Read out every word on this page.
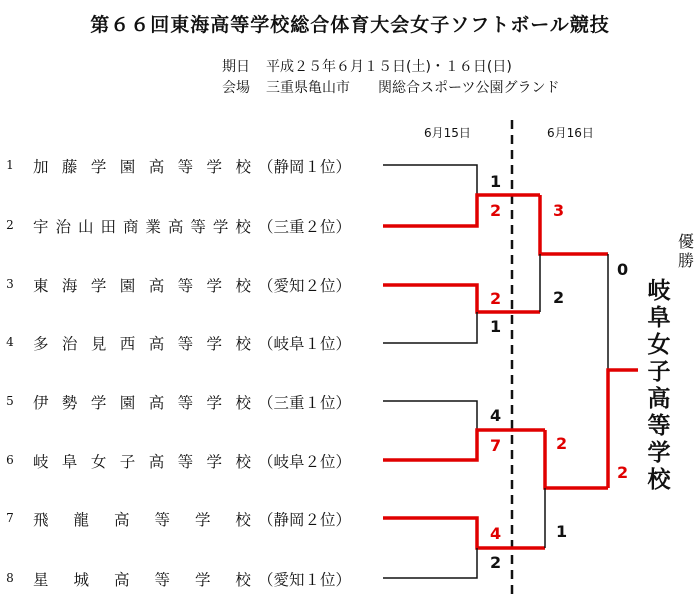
第６６回東海高等学校総合体育大会女子ソフトボール競技
期日 平成２５年６月１５日(土)・１６日(日)
会場 三重県亀山市　　関総合スポーツ公園グランド
6月15日	6月16日
1 加 藤 学 園 高 等 学 校 （静岡１位）
2 宇 治 山 田 商 業 高 等 学 校 （三重２位）
3 東 海 学 園 高 等 学 校 （愛知２位）
4 多 治 見 西 高 等 学 校 （岐阜１位）
5 伊 勢 学 園 高 等 学 校 （三重１位）
6 岐 阜 女 子 高 等 学 校 （岐阜２位）
7 飛 龍 高 等 学 校 （静岡２位）
8 星 城 高 等 学 校 （愛知１位）
1
2
2
1
4
7
4
2
3
2
2
1
0
2
優
勝
岐
阜
女
子
高
等
学
校
